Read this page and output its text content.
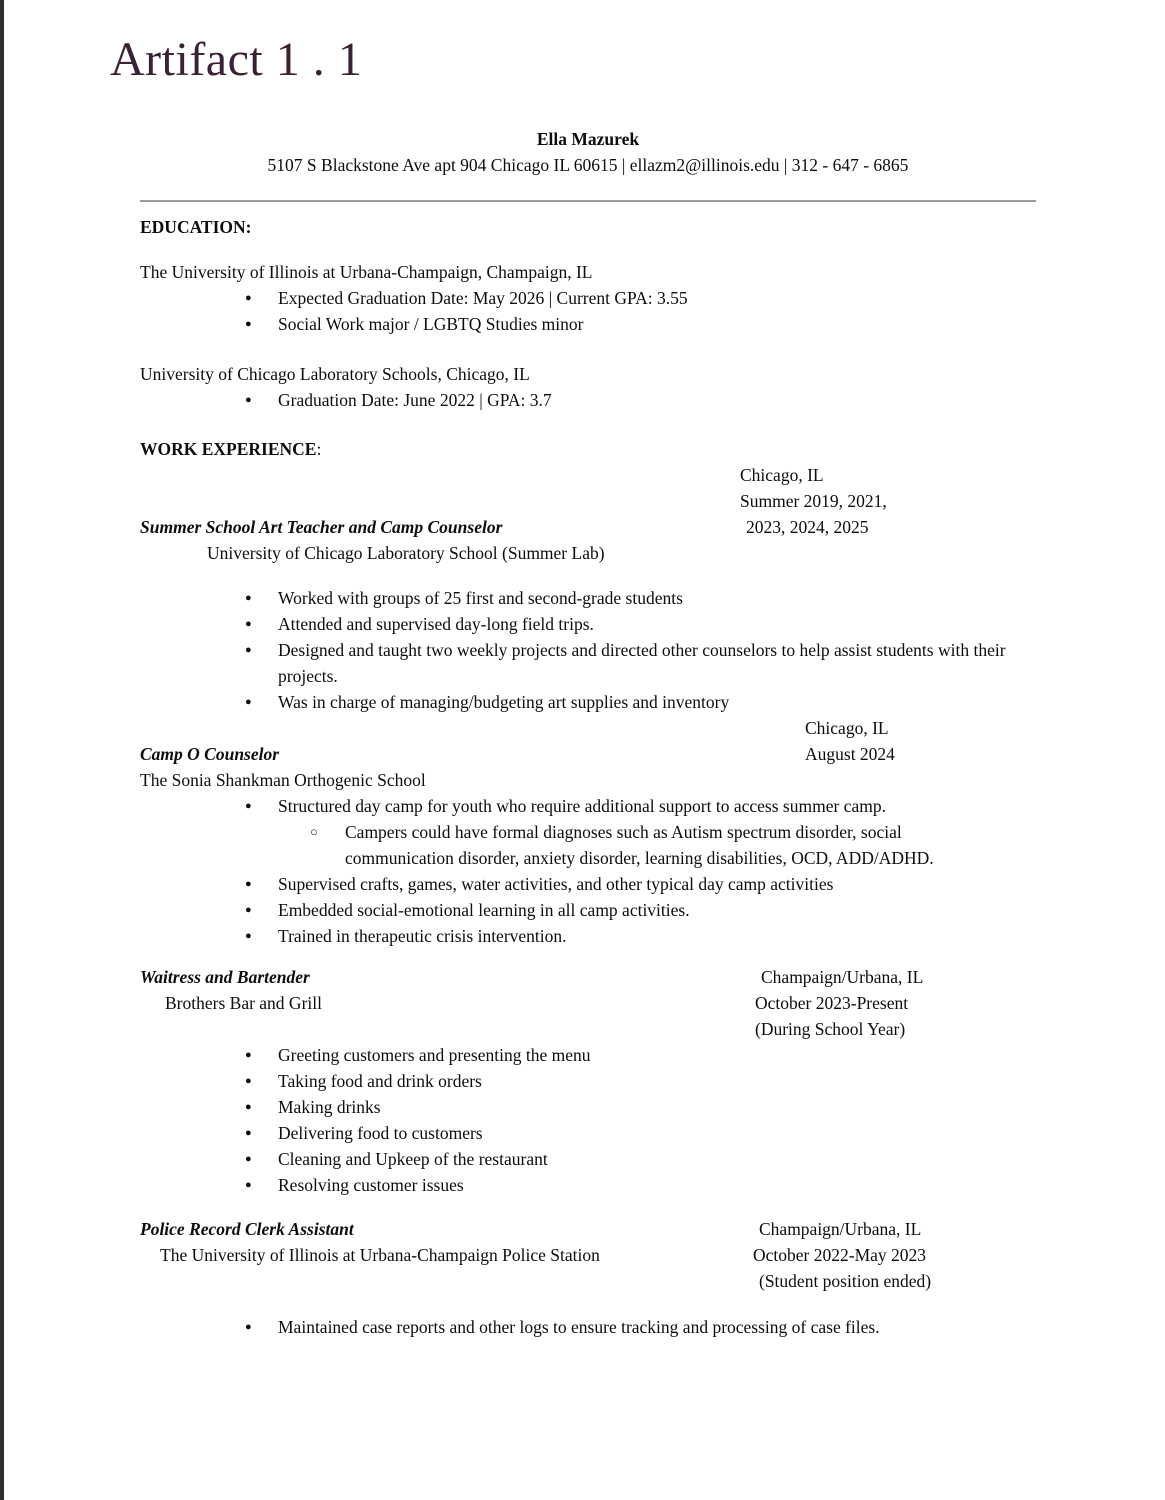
Artifact 1 . 1
Ella Mazurek
5107 S Blackstone Ave apt 904 Chicago IL 60615 | ellazm2@illinois.edu | 312 - 647 - 6865
EDUCATION:
The University of Illinois at Urbana-Champaign, Champaign, IL
●	Expected Graduation Date: May 2026 | Current GPA: 3.55
●	Social Work major / LGBTQ Studies minor
University of Chicago Laboratory Schools, Chicago, IL
●	Graduation Date: June 2022 | GPA: 3.7
WORK EXPERIENCE:
Chicago, IL
Summer 2019, 2021,
2023, 2024, 2025
Summer School Art Teacher and Camp Counselor
University of Chicago Laboratory School (Summer Lab)
●	Worked with groups of 25 first and second-grade students
●	Attended and supervised day-long field trips.
●	Designed and taught two weekly projects and directed other counselors to help assist students with their projects.
●	Was in charge of managing/budgeting art supplies and inventory
Chicago, IL
August 2024
Camp O Counselor
The Sonia Shankman Orthogenic School
●	Structured day camp for youth who require additional support to access summer camp.
○	Campers could have formal diagnoses such as Autism spectrum disorder, social communication disorder, anxiety disorder, learning disabilities, OCD, ADD/ADHD.
●	Supervised crafts, games, water activities, and other typical day camp activities
●	Embedded social-emotional learning in all camp activities.
●	Trained in therapeutic crisis intervention.
Champaign/Urbana, IL
October 2023-Present
(During School Year)
Waitress and Bartender
Brothers Bar and Grill
●	Greeting customers and presenting the menu
●	Taking food and drink orders
●	Making drinks
●	Delivering food to customers
●	Cleaning and Upkeep of the restaurant
●	Resolving customer issues
Champaign/Urbana, IL
October 2022-May 2023
(Student position ended)
Police Record Clerk Assistant
The University of Illinois at Urbana-Champaign Police Station
●	Maintained case reports and other logs to ensure tracking and processing of case files.
